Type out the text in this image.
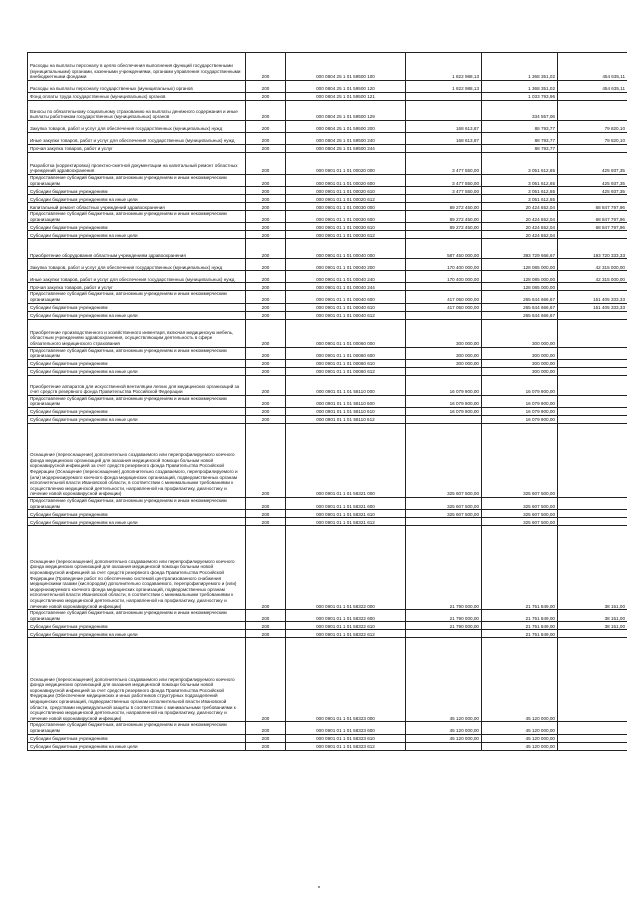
Расходы на выплаты персоналу в целях обеспечения выполнения функций государственными (муниципальными) органами, казенными учреждениями, органами управления государственными внебюджетными фондами	200	000 0804 25 1 01 59500 100	1 822 988,13	1 368 351,02	454 635,11
Расходы на выплаты персоналу государственных (муниципальных) органов	200	000 0804 25 1 01 59500 120	1 822 988,13	1 368 351,02	454 635,11
Фонд оплаты труда государственных (муниципальных) органов	200	000 0804 25 1 01 59500 121		1 033 793,96	
Взносы по обязательному социальному страхованию на выплаты денежного содержания и иные выплаты работникам государственных (муниципальных) органов	200	000 0804 25 1 01 59500 129		334 557,06	
Закупка товаров, работ и услуг для обеспечения государственных (муниципальных) нужд	200	000 0804 25 1 01 59500 200	168 613,87	88 793,77	79 820,10
Иные закупки товаров, работ и услуг для обеспечения государственных (муниципальных) нужд	200	000 0804 25 1 01 59500 240	168 613,87	88 793,77	79 820,10
Прочая закупка товаров, работ и услуг	200	000 0804 25 1 01 59500 244		88 793,77	
Разработка (корректировка) проектно-сметной документации на капитальный ремонт областных учреждений здравоохранения	200	000 0901 01 1 01 00020 000	3 477 550,00	3 051 612,65	425 937,35
Предоставление субсидий бюджетным, автономным учреждениям и иным некоммерческим организациям	200	000 0901 01 1 01 00020 600	3 477 550,00	3 051 612,65	425 937,35
Субсидии бюджетным учреждениям	200	000 0901 01 1 01 00020 610	3 477 550,00	3 051 612,65	425 937,35
Субсидии бюджетным учреждениям на иные цели	200	000 0901 01 1 01 00020 612		3 051 612,65	
Капитальный ремонт областных учреждений здравоохранения	200	000 0901 01 1 01 00030 000	89 272 450,00	20 424 652,04	68 847 797,96
Предоставление субсидий бюджетным, автономным учреждениям и иным некоммерческим организациям	200	000 0901 01 1 01 00030 600	89 272 450,00	20 424 652,04	68 847 797,96
Субсидии бюджетным учреждениям	200	000 0901 01 1 01 00030 610	89 272 450,00	20 424 652,04	68 847 797,96
Субсидии бюджетным учреждениям на иные цели	200	000 0901 01 1 01 00030 612		20 424 652,04	
Приобретение оборудования областным учреждениям здравоохранения	200	000 0901 01 1 01 00040 000	587 450 000,00	393 729 666,67	193 720 333,33
Закупка товаров, работ и услуг для обеспечения государственных (муниципальных) нужд	200	000 0901 01 1 01 00040 200	170 400 000,00	128 085 000,00	42 315 000,00
Иные закупки товаров, работ и услуг для обеспечения государственных (муниципальных) нужд	200	000 0901 01 1 01 00040 240	170 400 000,00	128 085 000,00	42 315 000,00
Прочая закупка товаров, работ и услуг	200	000 0901 01 1 01 00040 244		128 085 000,00	
Предоставление субсидий бюджетным, автономным учреждениям и иным некоммерческим организациям	200	000 0901 01 1 01 00040 600	417 050 000,00	265 644 666,67	151 405 333,33
Субсидии бюджетным учреждениям	200	000 0901 01 1 01 00040 610	417 050 000,00	265 644 666,67	151 405 333,33
Субсидии бюджетным учреждениям на иные цели	200	000 0901 01 1 01 00040 612		265 644 666,67	
Приобретение производственного и хозяйственного инвентаря, включая медицинскую мебель, областным учреждениям здравоохранения, осуществляющим деятельность в сфере обязательного медицинского страхования	200	000 0901 01 1 01 00060 000	300 000,00	300 000,00	
Предоставление субсидий бюджетным, автономным учреждениям и иным некоммерческим организациям	200	000 0901 01 1 01 00060 600	300 000,00	300 000,00	
Субсидии бюджетным учреждениям	200	000 0901 01 1 01 00060 610	300 000,00	300 000,00	
Субсидии бюджетным учреждениям на иные цели	200	000 0901 01 1 01 00060 612		300 000,00	
Приобретение аппаратов для искусственной вентиляции легких для медицинских организаций за счет средств резервного фонда Правительства Российской Федерации	200	000 0901 01 1 01 58110 000	16 079 900,00	16 079 900,00	
Предоставление субсидий бюджетным, автономным учреждениям и иным некоммерческим организациям	200	000 0901 01 1 01 58110 600	16 079 900,00	16 079 900,00	
Субсидии бюджетным учреждениям	200	000 0901 01 1 01 58110 610	16 079 900,00	16 079 900,00	
Субсидии бюджетным учреждениям на иные цели	200	000 0901 01 1 01 58110 612		16 079 900,00	
Оснащение (переоснащение) дополнительно создаваемого или перепрофилируемого коечного фонда медицинских организаций для оказания медицинской помощи больным новой коронавирусной инфекцией за счет средств резервного фонда Правительства Российской Федерации (Оснащение (переоснащение) дополнительно создаваемого, перепрофилируемого и (или) модернизируемого коечного фонда медицинских организаций, подведомственных органам исполнительной власти Ивановской области, в соответствии с минимальными требованиями к осуществлению медицинской деятельности, направленной на профилактику, диагностику и лечение новой коронавирусной инфекции)	200	000 0901 01 1 01 58321 000	325 607 500,00	325 607 500,00	
Предоставление субсидий бюджетным, автономным учреждениям и иным некоммерческим организациям	200	000 0901 01 1 01 58321 600	325 607 500,00	325 607 500,00	
Субсидии бюджетным учреждениям	200	000 0901 01 1 01 58321 610	325 607 500,00	325 607 500,00	
Субсидии бюджетным учреждениям на иные цели	200	000 0901 01 1 01 58321 612		325 607 500,00	
Оснащение (переоснащение) дополнительно создаваемого или перепрофилируемого коечного фонда медицинских организаций для оказания медицинской помощи больным новой коронавирусной инфекцией за счет средств резервного фонда Правительства Российской Федерации (Проведение работ по обеспечению системой централизованного снабжения медицинскими газами (кислородом) дополнительно создаваемого, перепрофилируемого и (или) модернизируемого коечного фонда медицинских организаций, подведомственных органам исполнительной власти Ивановской области, в соответствии с минимальными требованиями к осуществлению медицинской деятельности, направленной на профилактику, диагностику и лечение новой коронавирусной инфекции)	200	000 0901 01 1 01 58322 000	21 790 000,00	21 751 849,00	38 151,00
Предоставление субсидий бюджетным, автономным учреждениям и иным некоммерческим организациям	200	000 0901 01 1 01 58322 600	21 790 000,00	21 751 849,00	38 151,00
Субсидии бюджетным учреждениям	200	000 0901 01 1 01 58322 610	21 790 000,00	21 751 849,00	38 151,00
Субсидии бюджетным учреждениям на иные цели	200	000 0901 01 1 01 58322 612		21 751 849,00	
Оснащение (переоснащение) дополнительно создаваемого или перепрофилируемого коечного фонда медицинских организаций для оказания медицинской помощи больным новой коронавирусной инфекцией за счет средств резервного фонда Правительства Российской Федерации (Обеспечение медицинских и иных работников структурных подразделений медицинских организаций, подведомственных органам исполнительной власти Ивановской области, средствами индивидуальной защиты в соответствии с минимальными требованиями к осуществлению медицинской деятельности, направленной на профилактику, диагностику и лечение новой коронавирусной инфекции)	200	000 0901 01 1 01 58323 000	45 120 000,00	45 120 000,00	
Предоставление субсидий бюджетным, автономным учреждениям и иным некоммерческим организациям	200	000 0901 01 1 01 58323 600	45 120 000,00	45 120 000,00	
Субсидии бюджетным учреждениям	200	000 0901 01 1 01 58323 610	45 120 000,00	45 120 000,00	
Субсидии бюджетным учреждениям на иные цели	200	000 0901 01 1 01 58323 612		45 120 000,00	
